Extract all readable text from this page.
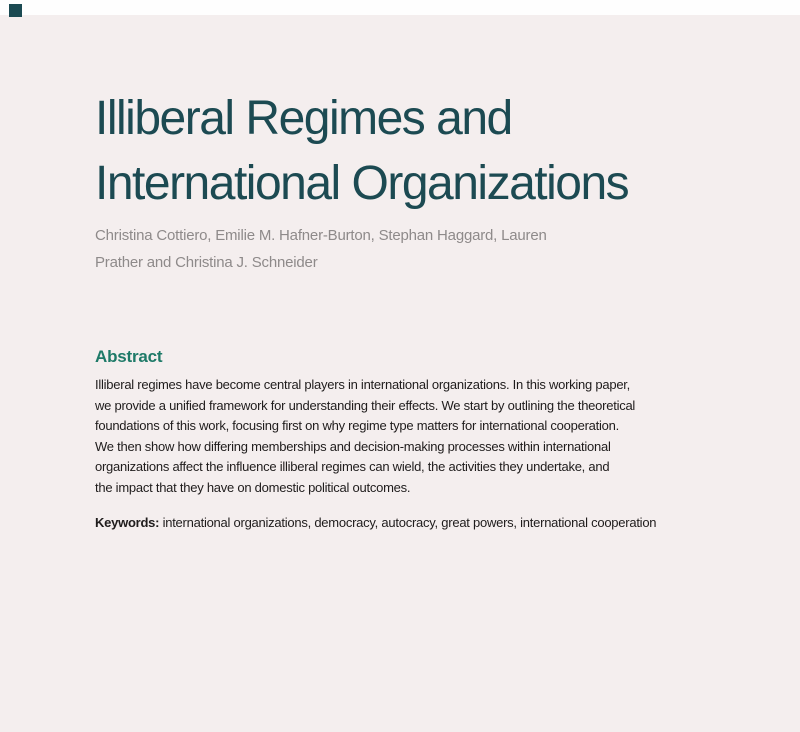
Illiberal Regimes and
International Organizations
Christina Cottiero, Emilie M. Hafner-Burton, Stephan Haggard, Lauren
Prather and Christina J. Schneider
Abstract
Illiberal regimes have become central players in international organizations. In this working paper,
we provide a unified framework for understanding their effects. We start by outlining the theoretical
foundations of this work, focusing first on why regime type matters for international cooperation.
We then show how differing memberships and decision-making processes within international
organizations affect the influence illiberal regimes can wield, the activities they undertake, and
the impact that they have on domestic political outcomes.
Keywords: international organizations, democracy, autocracy, great powers, international cooperation
